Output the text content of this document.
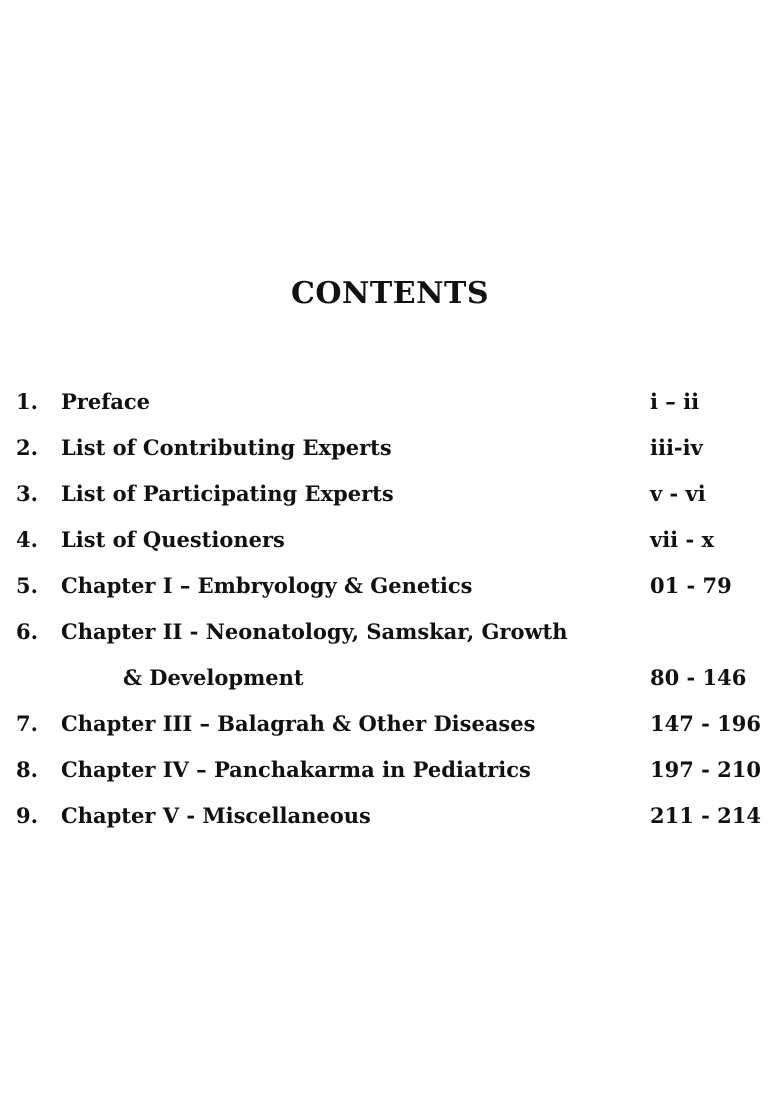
CONTENTS
1. Preface	i – ii
2. List of Contributing Experts	iii-iv
3. List of Participating Experts	v - vi
4. List of Questioners	vii - x
5. Chapter I – Embryology & Genetics	01 - 79
6. Chapter II - Neonatology, Samskar, Growth
& Development	80 - 146
7. Chapter III – Balagrah & Other Diseases	147 - 196
8. Chapter IV – Panchakarma in Pediatrics	197 - 210
9. Chapter V - Miscellaneous	211 - 214
